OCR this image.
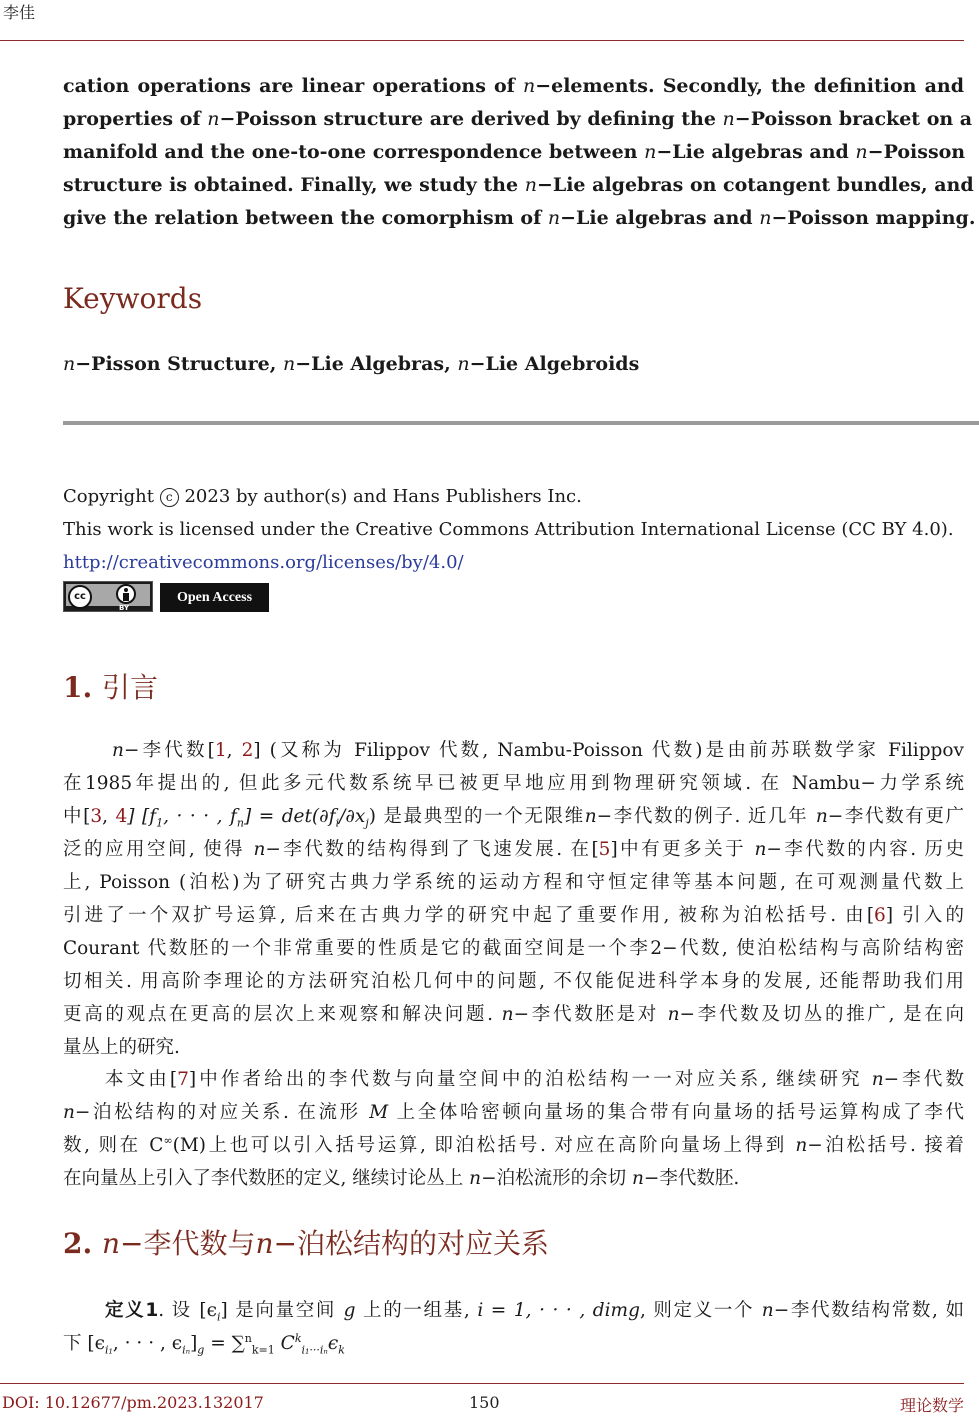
李佳
cation operations are linear operations of n−elements. Secondly, the definition and
properties of n−Poisson structure are derived by defining the n−Poisson bracket on a
manifold and the one-to-one correspondence between n−Lie algebras and n−Poisson
structure is obtained. Finally, we study the n−Lie algebras on cotangent bundles, and
give the relation between the comorphism of n−Lie algebras and n−Poisson mapping.
Keywords
n−Pisson Structure, n−Lie Algebras, n−Lie Algebroids
Copyright c 2023 by author(s) and Hans Publishers Inc.
This work is licensed under the Creative Commons Attribution International License (CC BY 4.0).
http://creativecommons.org/licenses/by/4.0/
cc
BY
Open Access
1. 引言
n−李代数[1, 2] (又称为 Filippov 代数, Nambu-Poisson 代数)是由前苏联数学家 Filippov
在1985年提出的, 但此多元代数系统早已被更早地应用到物理研究领域. 在 Nambu−力学系统
中[3, 4] [$f_1$, · · · , $f_n] = \det(\partial f_i/\partial x_j)$ 是最典型的一个无限维n−李代数的例子. 近几年 n−李代数有更广
泛的应用空间, 使得 n−李代数的结构得到了飞速发展. 在[5]中有更多关于 n−李代数的内容. 历史
上, Poisson (泊松)为了研究古典力学系统的运动方程和守恒定律等基本问题, 在可观测量代数上
引进了一个双扩号运算, 后来在古典力学的研究中起了重要作用, 被称为泊松括号. 由[6] 引入的
Courant 代数胚的一个非常重要的性质是它的截面空间是一个李2−代数, 使泊松结构与高阶结构密
切相关. 用高阶李理论的方法研究泊松几何中的问题, 不仅能促进科学本身的发展, 还能帮助我们用
更高的观点在更高的层次上来观察和解决问题. n−李代数胚是对 n−李代数及切丛的推广, 是在向
量丛上的研究.
本文由[7]中作者给出的李代数与向量空间中的泊松结构一一对应关系, 继续研究 n−李代数
n−泊松结构的对应关系. 在流形 M 上全体哈密顿向量场的集合带有向量场的括号运算构成了李代
数, 则在 C∞(M)上也可以引入括号运算, 即泊松括号. 对应在高阶向量场上得到 n−泊松括号. 接着
在向量丛上引入了李代数胚的定义, 继续讨论丛上 n−泊松流形的余切 n−李代数胚.
2. n−李代数与n−泊松结构的对应关系
定义1. 设 $[\epsilon_i]$ 是向量空间 g 上的一组基, i = 1, · · · , dimg, 则定义一个 n−李代数结构常数, 如
下 [$\epsilon_{i_1}$, · · · , $\epsilon_{i_n}]_g = \sum^n_{k=1}$ $C^k_{i_1\cdot\cdot\cdot i_n}\epsilon_k$
DOI: 10.12677/pm.2023.132017	150	理论数学
